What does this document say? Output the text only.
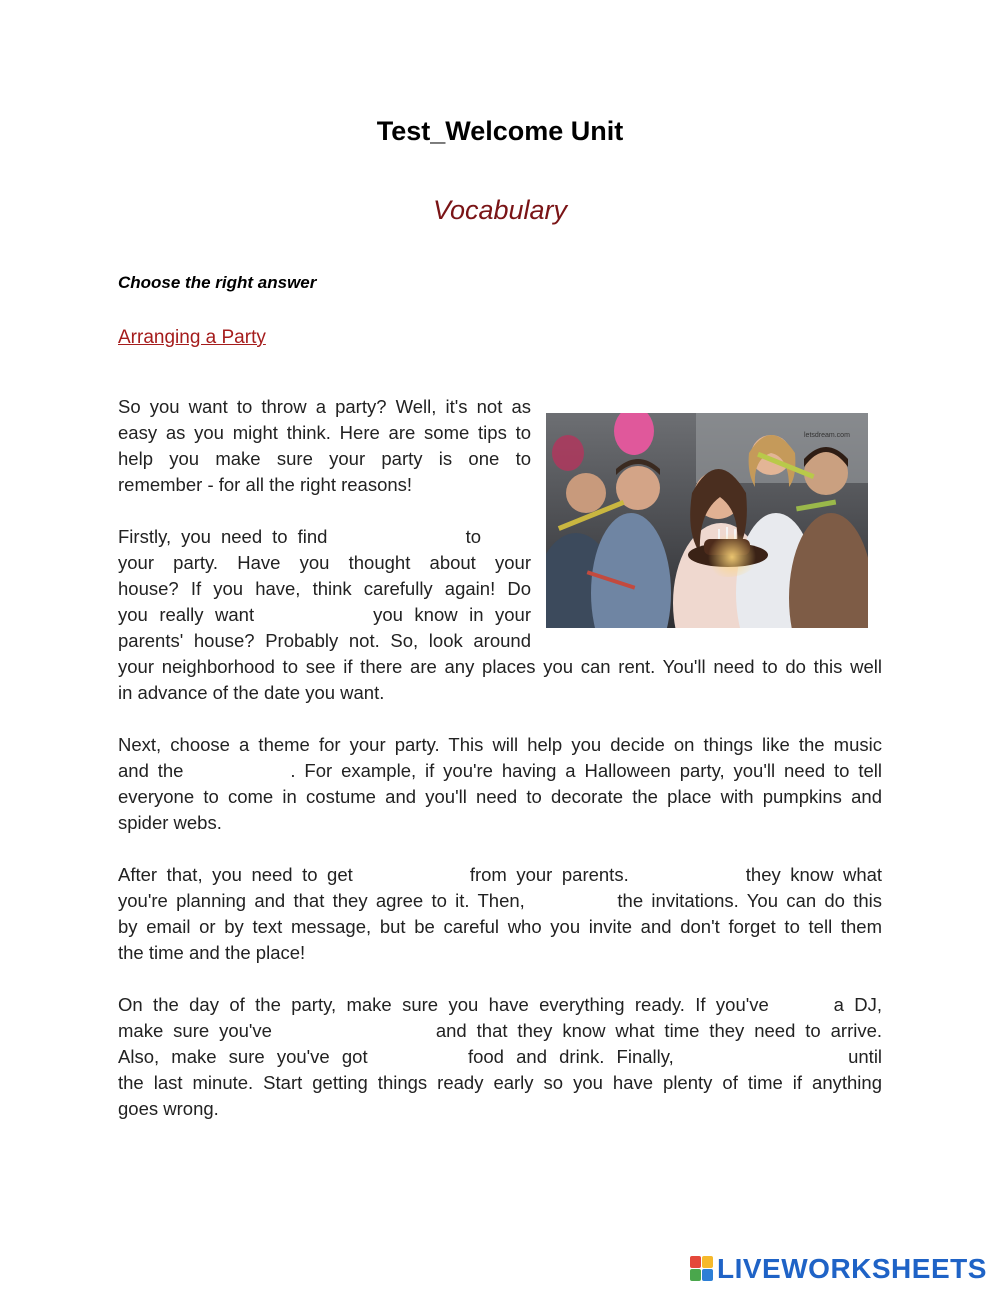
Test_Welcome Unit
Vocabulary
Choose the right answer
Arranging a Party
So you want to throw a party? Well, it's not as
easy as you might think. Here are some tips to
help you make sure your party is one to
remember - for all the right reasons!
Firstly, you need to find	to
your party. Have you thought about your
house? If you have, think carefully again! Do
you really want	you know in your
parents' house? Probably not. So, look around
your neighborhood to see if there are any places you can rent. You'll need to do this well
in advance of the date you want.
Next, choose a theme for your party. This will help you decide on things like the music
and the	. For example, if you're having a Halloween party, you'll need to tell
everyone to come in costume and you'll need to decorate the place with pumpkins and
spider webs.
After that, you need to get	from your parents.	they know what
you're planning and that they agree to it. Then,	the invitations. You can do this
by email or by text message, but be careful who you invite and don't forget to tell them
the time and the place!
On the day of the party, make sure you have everything ready. If you've	a DJ,
make sure you've	and that they know what time they need to arrive.
Also, make sure you've got	food and drink. Finally,	until
the last minute. Start getting things ready early so you have plenty of time if anything
goes wrong.
letsdream.com
LIVEWORKSHEETS
